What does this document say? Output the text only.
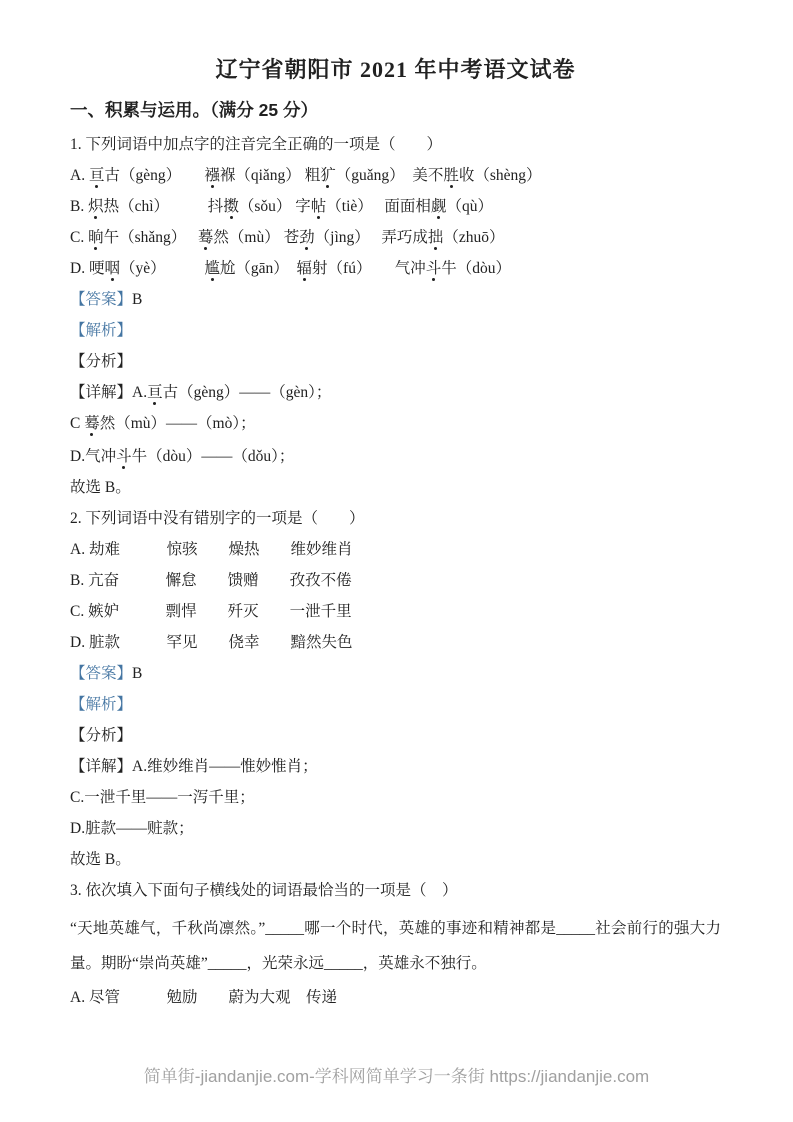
辽宁省朝阳市 2021 年中考语文试卷
一、积累与运用。（满分 25 分）
1. 下列词语中加点字的注音完全正确的一项是（　　）
A. 亘古（gèng）　　襁褓（qiǎng） 粗犷（guǎng）　美不胜收（shèng）
B. 炽热（chì）　　　抖擞（sǒu） 字帖（tiè）　 面面相觑（qù）
C. 晌午（shǎng）　 蓦然（mù） 苍劲（jìng）　 弄巧成拙（zhuō）
D. 哽咽（yè）　　　尴尬（gān）　辐射（fú）　　气冲斗牛（dòu）
【答案】B
【解析】
【分析】
【详解】A.亘古（gèng）——（gèn）；
C 蓦然（mù）——（mò）；
D.气冲斗牛（dòu）——（dǒu）；
故选 B。
2. 下列词语中没有错别字的一项是（　　）
A. 劫难　　　惊骇　　燥热　　维妙维肖
B. 亢奋　　　懈怠　　馈赠　　孜孜不倦
C. 嫉妒　　　剽悍　　歼灭　　一泄千里
D. 脏款　　　罕见　　侥幸　　黯然失色
【答案】B
【解析】
【分析】
【详解】A.维妙维肖——惟妙惟肖；
C.一泄千里——一泻千里；
D.脏款——赃款；
故选 B。
3. 依次填入下面句子横线处的词语最恰当的一项是（　）
“天地英雄气，千秋尚凛然。”_____哪一个时代，英雄的事迹和精神都是_____社会前行的强大力量。期盼“崇尚英雄”_____，光荣永远_____，英雄永不独行。
A. 尽管　　　勉励　　蔚为大观　传递
简单街-jiandanjie.com-学科网简单学习一条街 https://jiandanjie.com
